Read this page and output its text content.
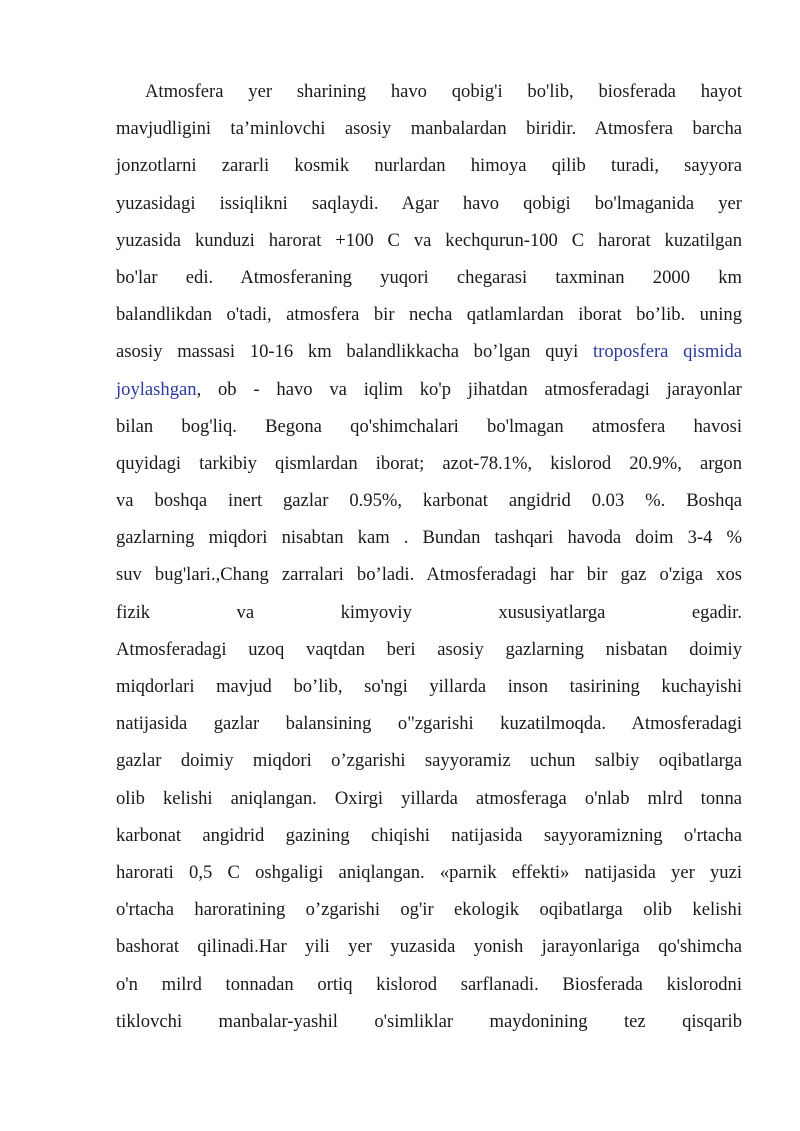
Atmosfera yer sharining havo qobig'i bo'lib, biosferada hayot
mavjudligini ta’minlovchi asosiy manbalardan biridir. Atmosfera barcha
jonzotlarni zararli kosmik nurlardan himoya qilib turadi, sayyora
yuzasidagi issiqlikni saqlaydi. Agar havo qobigi bo'lmaganida yer
yuzasida kunduzi harorat +100 C va kechqurun-100 C harorat kuzatilgan
bo'lar edi. Atmosferaning yuqori chegarasi taxminan 2000 km
balandlikdan o'tadi, atmosfera bir necha qatlamlardan iborat bo’lib. uning
asosiy massasi 10-16 km balandlikkacha bo’lgan quyi troposfera qismida
joylashgan, ob - havo va iqlim ko'p jihatdan atmosferadagi jarayonlar
bilan bog'liq. Begona qo'shimchalari bo'lmagan atmosfera havosi
quyidagi tarkibiy qismlardan iborat; azot-78.1%, kislorod 20.9%, argon
va boshqa inert gazlar 0.95%, karbonat angidrid 0.03 %. Boshqa
gazlarning miqdori nisabtan kam . Bundan tashqari havoda doim 3-4 %
suv bug'lari.,Chang zarralari bo’ladi. Atmosferadagi har bir gaz o'ziga xos
fizik va kimyoviy xususiyatlarga egadir.
Atmosferadagi uzoq vaqtdan beri asosiy gazlarning nisbatan doimiy
miqdorlari mavjud bo’lib, so'ngi yillarda inson tasirining kuchayishi
natijasida gazlar balansining o"zgarishi kuzatilmoqda. Atmosferadagi
gazlar doimiy miqdori o’zgarishi sayyoramiz uchun salbiy oqibatlarga
olib kelishi aniqlangan. Oxirgi yillarda atmosferaga o'nlab mlrd tonna
karbonat angidrid gazining chiqishi natijasida sayyoramizning o'rtacha
harorati 0,5 C oshgaligi aniqlangan. «parnik effekti» natijasida yer yuzi
o'rtacha haroratining o’zgarishi og'ir ekologik oqibatlarga olib kelishi
bashorat qilinadi.Har yili yer yuzasida yonish jarayonlariga qo'shimcha
o'n milrd tonnadan ortiq kislorod sarflanadi. Biosferada kislorodni
tiklovchi manbalar-yashil o'simliklar maydonining tez qisqarib
